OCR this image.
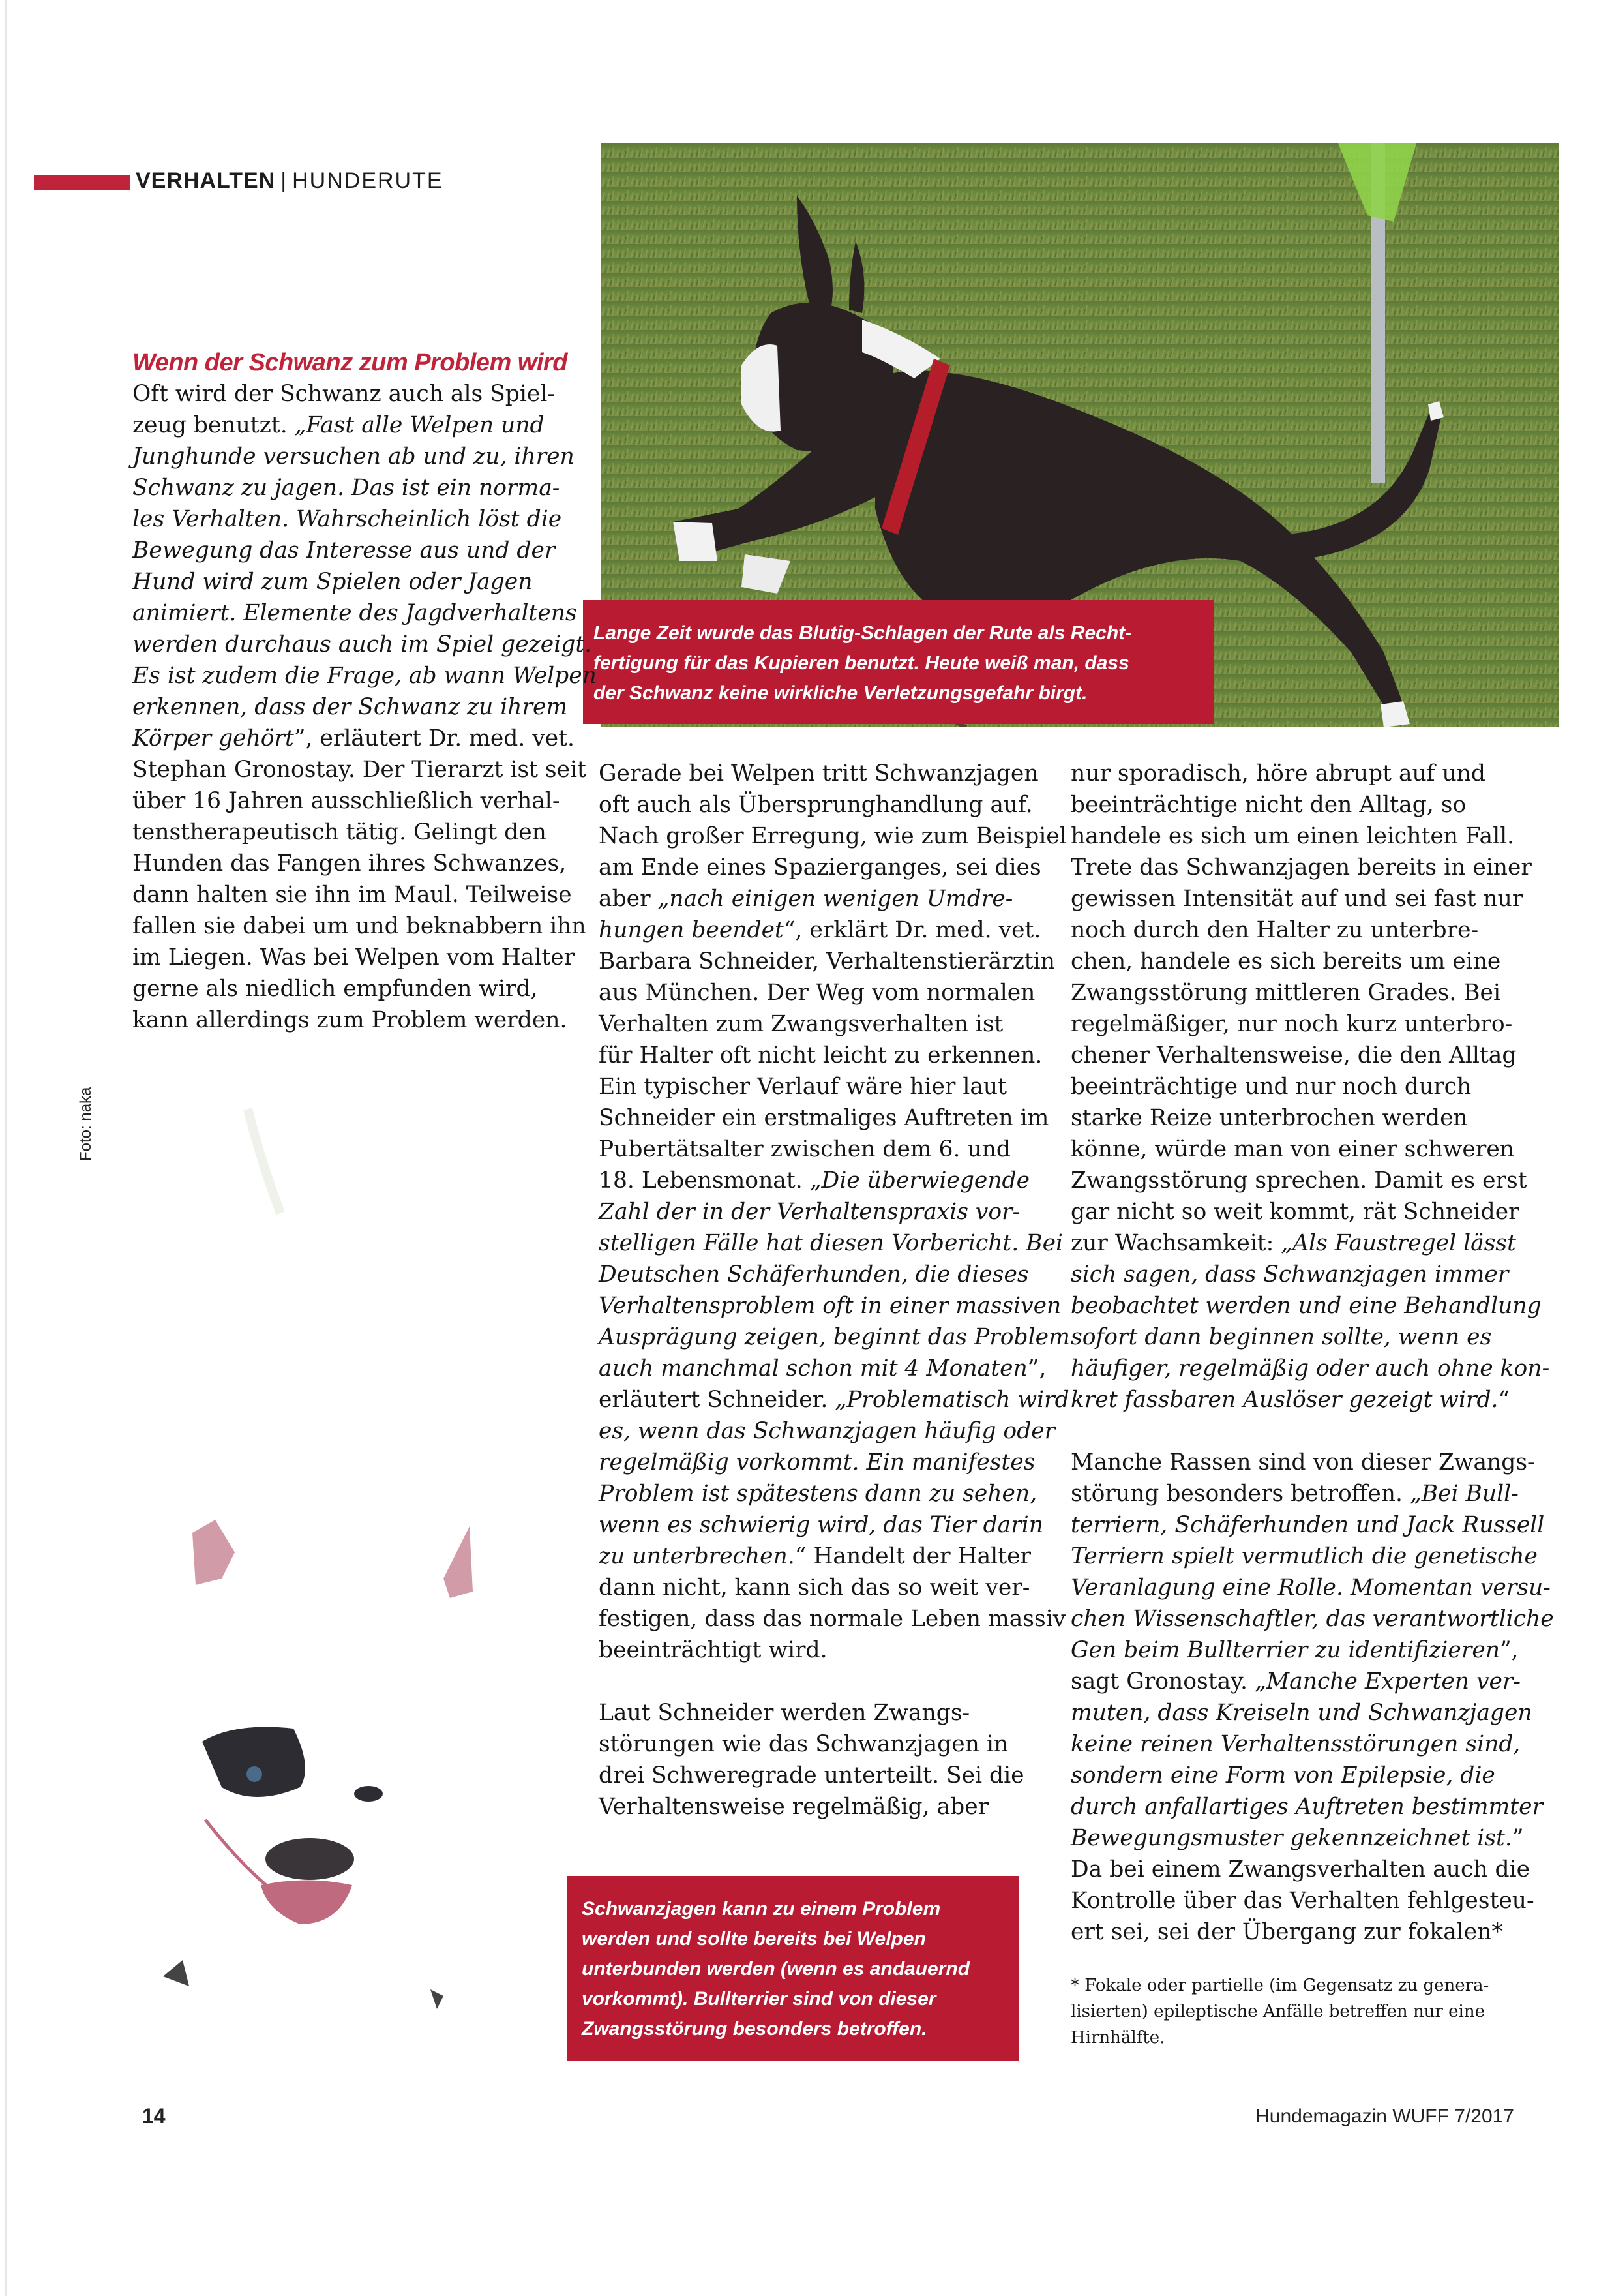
VERHALTEN | HUNDERUTE
Foto: naka
Lange Zeit wurde das Blutig-Schlagen der Rute als Recht-
fertigung für das Kupieren benutzt. Heute weiß man, dass
der Schwanz keine wirkliche Verletzungsgefahr birgt.
Wenn der Schwanz zum Problem wird
Oft wird der Schwanz auch als Spiel-
zeug benutzt. „Fast alle Welpen und
Junghunde versuchen ab und zu, ihren
Schwanz zu jagen. Das ist ein norma-
les Verhalten. Wahrscheinlich löst die
Bewegung das Interesse aus und der
Hund wird zum Spielen oder Jagen
animiert. Elemente des Jagdverhaltens
werden durchaus auch im Spiel gezeigt.
Es ist zudem die Frage, ab wann Welpen
erkennen, dass der Schwanz zu ihrem
Körper gehört”, erläutert Dr. med. vet.
Stephan Gronostay. Der Tierarzt ist seit
über 16 Jahren ausschließlich verhal-
tenstherapeutisch tätig. Gelingt den
Hunden das Fangen ihres Schwanzes,
dann halten sie ihn im Maul. Teilweise
fallen sie dabei um und beknabbern ihn
im Liegen. Was bei Welpen vom Halter
gerne als niedlich empfunden wird,
kann allerdings zum Problem werden.
Gerade bei Welpen tritt Schwanzjagen
oft auch als Übersprunghandlung auf.
Nach großer Erregung, wie zum Beispiel
am Ende eines Spazierganges, sei dies
aber „nach einigen wenigen Umdre-
hungen beendet“, erklärt Dr. med. vet.
Barbara Schneider, Verhaltenstierärztin
aus München. Der Weg vom normalen
Verhalten zum Zwangsverhalten ist
für Halter oft nicht leicht zu erkennen.
Ein typischer Verlauf wäre hier laut
Schneider ein erstmaliges Auftreten im
Pubertätsalter zwischen dem 6. und
18. Lebensmonat. „Die überwiegende
Zahl der in der Verhaltenspraxis vor-
stelligen Fälle hat diesen Vorbericht. Bei
Deutschen Schäferhunden, die dieses
Verhaltensproblem oft in einer massiven
Ausprägung zeigen, beginnt das Problem
auch manchmal schon mit 4 Monaten”,
erläutert Schneider. „Problematisch wird
es, wenn das Schwanzjagen häufig oder
regelmäßig vorkommt. Ein manifestes
Problem ist spätestens dann zu sehen,
wenn es schwierig wird, das Tier darin
zu unterbrechen.“ Handelt der Halter
dann nicht, kann sich das so weit ver-
festigen, dass das normale Leben massiv
beeinträchtigt wird.

Laut Schneider werden Zwangs-
störungen wie das Schwanzjagen in
drei Schweregrade unterteilt. Sei die
Verhaltensweise regelmäßig, aber
nur sporadisch, höre abrupt auf und
beeinträchtige nicht den Alltag, so
handele es sich um einen leichten Fall.
Trete das Schwanzjagen bereits in einer
gewissen Intensität auf und sei fast nur
noch durch den Halter zu unterbre-
chen, handele es sich bereits um eine
Zwangsstörung mittleren Grades. Bei
regelmäßiger, nur noch kurz unterbro-
chener Verhaltensweise, die den Alltag
beeinträchtige und nur noch durch
starke Reize unterbrochen werden
könne, würde man von einer schweren
Zwangsstörung sprechen. Damit es erst
gar nicht so weit kommt, rät Schneider
zur Wachsamkeit: „Als Faustregel lässt
sich sagen, dass Schwanzjagen immer
beobachtet werden und eine Behandlung
sofort dann beginnen sollte, wenn es
häufiger, regelmäßig oder auch ohne kon-
kret fassbaren Auslöser gezeigt wird.“

Manche Rassen sind von dieser Zwangs-
störung besonders betroffen. „Bei Bull-
terriern, Schäferhunden und Jack Russell
Terriern spielt vermutlich die genetische
Veranlagung eine Rolle. Momentan versu-
chen Wissenschaftler, das verantwortliche
Gen beim Bullterrier zu identifizieren”,
sagt Gronostay. „Manche Experten ver-
muten, dass Kreiseln und Schwanzjagen
keine reinen Verhaltensstörungen sind,
sondern eine Form von Epilepsie, die
durch anfallartiges Auftreten bestimmter
Bewegungsmuster gekennzeichnet ist.”
Da bei einem Zwangsverhalten auch die
Kontrolle über das Verhalten fehlgesteu-
ert sei, sei der Übergang zur fokalen*
* Fokale oder partielle (im Gegensatz zu genera-
lisierten) epileptische Anfälle betreffen nur eine
Hirnhälfte.
Schwanzjagen kann zu einem Problem
werden und sollte bereits bei Welpen
unterbunden werden (wenn es andauernd
vorkommt). Bullterrier sind von dieser
Zwangsstörung besonders betroffen.
14	Hundemagazin WUFF 7/2017
